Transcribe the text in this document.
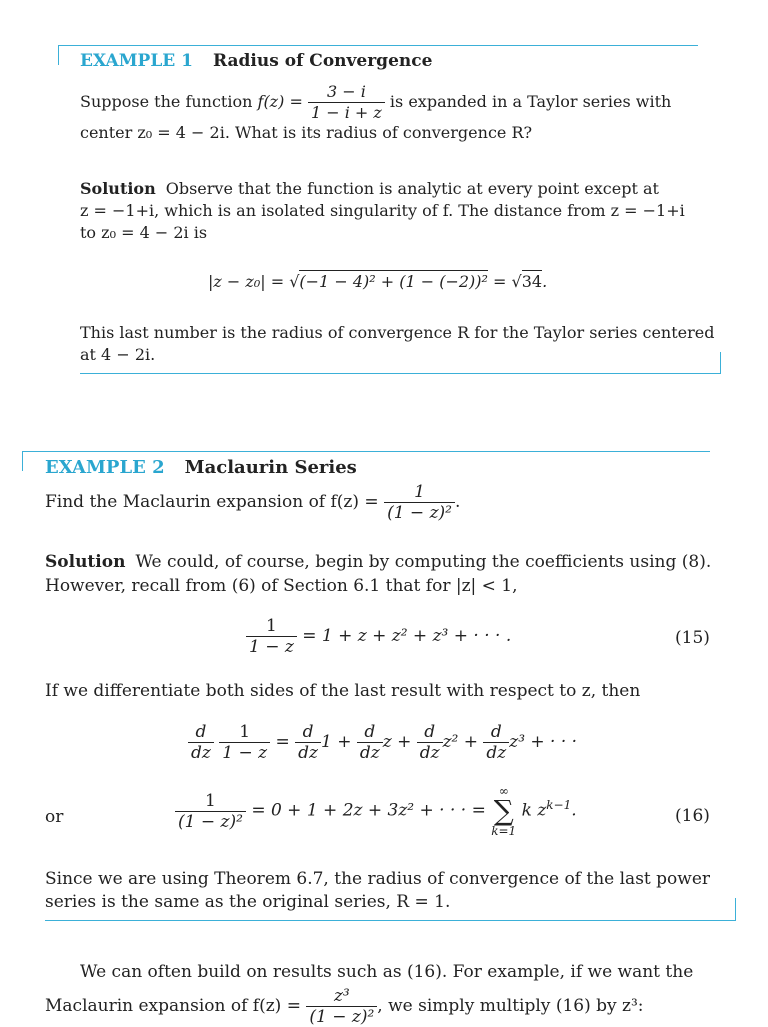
EXAMPLE 1 Radius of Convergence
Suppose the function $f(z) = \frac{3 - i}{1 - i + z}$ is expanded in a Taylor series with
center z₀ = 4 − 2i. What is its radius of convergence R?
Solution Observe that the function is analytic at every point except at
z = −1+i, which is an isolated singularity of f. The distance from z = −1+i
to z₀ = 4 − 2i is
|z − z₀| = √(−1 − 4)² + (1 − (−2))² = √34.
This last number is the radius of convergence R for the Taylor series centered
at 4 − 2i.
EXAMPLE 2 Maclaurin Series
Find the Maclaurin expansion of $f(z) = \frac{1}{\text{(1 − z)²}}$ .
Solution We could, of course, begin by computing the coefficients using (8).
However, recall from (6) of Section 6.1 that for |z| < 1,
$\frac{1}{1 - z} = 1 + z + z^2 + z^3$ + · · · .	(15)
If we differentiate both sides of the last result with respect to z, then
$\frac{d}{dz}$
$\frac{1}{1 - z} = \frac{d}{dz} 1 + \frac{d}{dz}$ $z + \frac{d}{dz} z^2 + \frac{d}{dz} z^3$ + · · ·
or	$\frac{1}{\text{(1 − z)²}} = 0 + 1 + 2z + 3z^2$ + · · · =
∞
∑
k=1
k $z^{k-1}$.	(16)
Since we are using Theorem 6.7, the radius of convergence of the last power
series is the same as the original series, R = 1.
We can often build on results such as (16). For example, if we want the
Maclaurin expansion of $f(z) = \frac{\text{z³}}{\text{(1 − z)²}}$ , we simply multiply (16) by z³:
